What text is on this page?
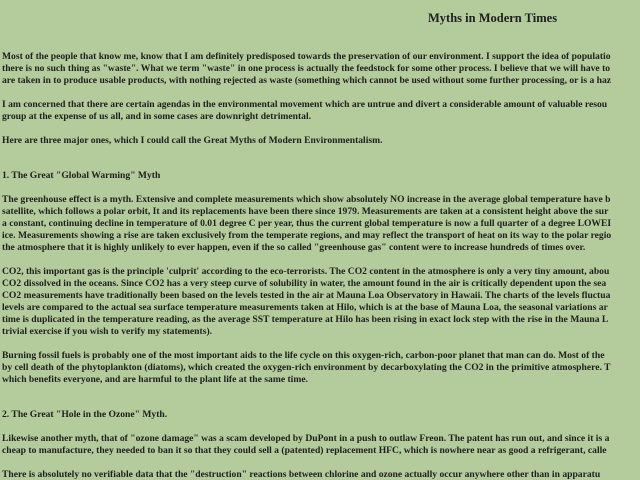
Myths in Modern Times
Most of the people that know me, know that I am definitely predisposed towards the preservation of our environment. I support the idea of populatio
there is no such thing as "waste". What we term "waste" in one process is actually the feedstock for some other process. I believe that we will have to
are taken in to produce usable products, with nothing rejected as waste (something which cannot be used without some further processing, or is a haz
I am concerned that there are certain agendas in the environmental movement which are untrue and divert a considerable amount of valuable resou
group at the expense of us all, and in some cases are downright detrimental.
Here are three major ones, which I could call the Great Myths of Modern Environmentalism.
1. The Great "Global Warming" Myth
The greenhouse effect is a myth. Extensive and complete measurements which show absolutely NO increase in the average global temperature have b
satellite, which follows a polar orbit, It and its replacements have been there since 1979. Measurements are taken at a consistent height above the sur
a constant, continuing decline in temperature of 0.01 degree C per year, thus the current global temperature is now a full quarter of a degree LOWEI
ice. Measurements showing a rise are taken exclusively from the temperate regions, and may reflect the transport of heat on its way to the polar regio
the atmosphere that it is highly unlikely to ever happen, even if the so called "greenhouse gas" content were to increase hundreds of times over.
CO2, this important gas is the principle 'culprit' according to the eco-terrorists. The CO2 content in the atmosphere is only a very tiny amount, abou
CO2 dissolved in the oceans. Since CO2 has a very steep curve of solubility in water, the amount found in the air is critically dependent upon the sea
CO2 measurements have traditionally been based on the levels tested in the air at Mauna Loa Observatory in Hawaii. The charts of the levels fluctua
levels are compared to the actual sea surface temperature measurements taken at Hilo, which is at the base of Mauna Loa, the seasonal variations ar
time is duplicated in the temperature reading, as the average SST temperature at Hilo has been rising in exact lock step with the rise in the Mauna L
trivial exercise if you wish to verify my statements).
Burning fossil fuels is probably one of the most important aids to the life cycle on this oxygen-rich, carbon-poor planet that man can do. Most of the
by cell death of the phytoplankton (diatoms), which created the oxygen-rich environment by decarboxylating the CO2 in the primitive atmosphere. T
which benefits everyone, and are harmful to the plant life at the same time.
2. The Great "Hole in the Ozone" Myth.
Likewise another myth, that of "ozone damage" was a scam developed by DuPont in a push to outlaw Freon. The patent has run out, and since it is a
cheap to manufacture, they needed to ban it so that they could sell a (patented) replacement HFC, which is nowhere near as good a refrigerant, calle
There is absolutely no verifiable data that the "destruction" reactions between chlorine and ozone actually occur anywhere other than in apparatu
